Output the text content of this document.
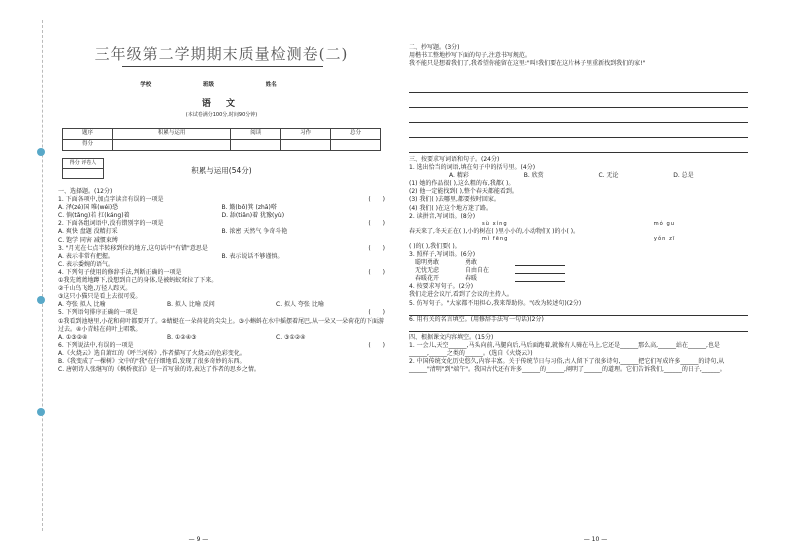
三年级第二学期期末质量检测卷(二)
学校	班级	姓名
语 文
(本试卷满分100分,时间90分钟)
题序	积累与运用	阅读	习作	总分
得分				
得分 评卷人
积累与运用(54分)

一、选择题。(12分)

1. 下面各项中,加点字读音有误的一项是	(　　)

A. 泽(zé)国 唯(wéi)恐	B. 簸(bǒ)箕 (zhā)嗒
C. 倘(tǎng)若 扛(káng)着	D. 舔(tiǎn)着 犹豫(yù)

2. 下面各组词语中,没有错别字的一项是	(　　)

A. 爽快 盘题 没精打采	B. 浓密 天然气 争奇斗艳
C. 饱学 同害 减惯束缚

3. "月光在七点半转移到位的地方,这句话中"有错"意思是	(　　)

A. 表示非常有把握。	B. 表示说话不够谨慎。
C. 表示委婉的语气。

4. 下列句子使用的修辞手法,判断正确的一项是	(　　)

①我先蔫蔫地蹲下,没想到自己的身体,是被蚂蚁耷拉了下来。

②千山鸟飞绝,万径人踪灭。

③这只小猫只是看上去很可爱。

A. 夸张 拟人 比喻	B. 拟人 比喻 反问	C. 拟人 夸张 比喻

5. 下列语句排序正确的一项是	(　　)

①我看到池塘里,小花和荷叶都要开了。②蜻蜓在一朵荷花的尖尖上。③小蝌蚪在水中摇摆着尾巴,从一朵又一朵荷花的下面游过去。④小青蛙在荷叶上唱歌。

A. ①③②④	B. ①②④③	C. ③①②④

6. 下列说法中,有误的一项是	(　　)

A.《火烧云》选自萧红的《呼兰河传》,作者描写了火烧云的色彩变化。

B.《我变成了一棵树》文中的"我"在仔细地看,发现了很多奇妙的东西。

C. 唐朝诗人张继写的《枫桥夜泊》是一首写景的诗,表达了作者的思乡之情。

— 9 —

二、抄写题。(3分)

用楷书工整地抄写下面的句子,注意书写规范。

我不能只是想着我们了,我希望你能留在这里:"叫!我们要在这片林子里重新找到我们的家!"

三、按要求写词语和句子。(24分)

1. 选出恰当的词语,填在句子中的括号里。(4分)

A. 精彩	B. 欣赏	C. 无论	D. 总是

(1) 她的作品很( ),这么粗的布,我都( )。

(2) 他一定能找到( ),整个春天都能看到。

(3) 我们( )去哪里,都要按时回家。

(4) 我们( )在这个地方迷了路。

2. 读拼音,写词语。(8分)

sù xíng	mó gu

春天来了,冬天正在( ),小的树在( )里小小的,小动物们( )的小( )。

mì fēng	yǒn zī

( )的( ),我们要( )。

3. 照样子,写词语。(6分)

聪明勇敢	勇敢
无忧无虑	自由自在
春暖花开	春暖

4. 按要求写句子。(2分)

我们走进会议厅,看到了会议的主持人。

5. 仿写句子。"大家都不用担心,我来帮助你。"(改为转述句)(2分)

6. 用有关的名言填空。(用修辞手法写一句话)(2分)

四、根据课文内容填空。(15分)

1. 一会儿,天空______,马头向前,马腿向后,马后面跑着,就像有人骑在马上,它还是______那么高,______站在______,也是______,______之类的______。(选自《火烧云》)

2. 中国传统文化历史悠久,内容丰富。关于传统节日与习俗,古人留下了很多诗句,______把它们写成许多______的诗句,从______"清明"到"端午"。我国古代还有许多______的______,阐明了______的道理。它们告诉我们,______的日子,______。

— 10 —
